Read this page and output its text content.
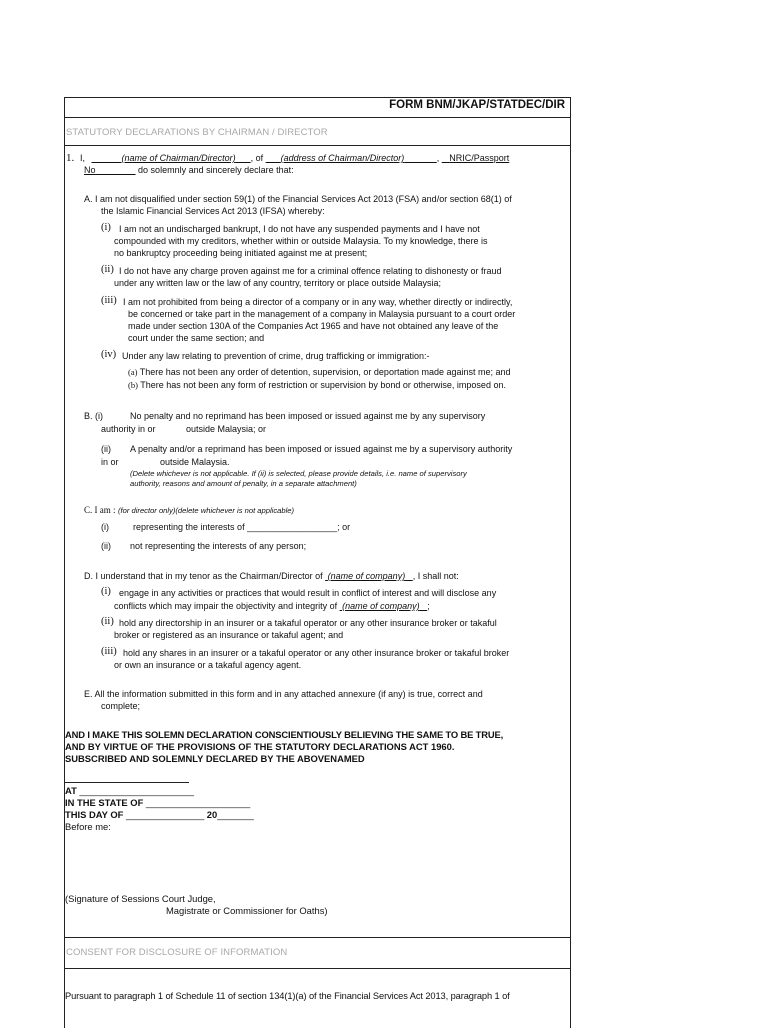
FORM BNM/JKAP/STATDEC/DIR
STATUTORY DECLARATIONS BY CHAIRMAN / DIRECTOR
1. I,	(name of Chairman/Director) , of (address of Chairman/Director)	,    NRIC/Passport
No	do solemnly and sincerely declare that:
A. I am not disqualified under section 59(1) of the Financial Services Act 2013 (FSA) and/or section 68(1) of
the Islamic Financial Services Act 2013 (IFSA) whereby:
(i) I am not an undischarged bankrupt, I do not have any suspended payments and I have not
compounded with my creditors, whether within or outside Malaysia. To my knowledge, there is
no bankruptcy proceeding being initiated against me at present;
(ii) I do not have any charge proven against me for a criminal offence relating to dishonesty or fraud
under any written law or the law of any country, territory or place outside Malaysia;
(iii) I am not prohibited from being a director of a company or in any way, whether directly or indirectly,
be concerned or take part in the management of a company in Malaysia pursuant to a court order
made under section 130A of the Companies Act 1965 and have not obtained any leave of the
court under the same section; and
(iv) Under any law relating to prevention of crime, drug trafficking or immigration:-
(a) There has not been any order of detention, supervision, or deportation made against me; and
(b) There has not been any form of restriction or supervision by bond or otherwise, imposed on.
B. (i)	No penalty and no reprimand has been imposed or issued against me by any supervisory
authority in or	outside Malaysia; or
(ii) A penalty and/or a reprimand has been imposed or issued against me by a supervisory authority
in or	outside Malaysia.
(Delete whichever is not applicable. If (ii) is selected, please provide details, i.e. name of supervisory
authority, reasons and amount of penalty, in a separate attachment)
C. I am : (for director only)(delete whichever is not applicable)
(i)	representing the interests of __________________; or
(ii) not representing the interests of any person;
D. I understand that in my tenor as the Chairman/Director of (name of company) , I shall not:
(i) engage in any activities or practices that would result in conflict of interest and will disclose any
conflicts which may impair the objectivity and integrity of (name of company) ;
(ii) hold any directorship in an insurer or a takaful operator or any other insurance broker or takaful
broker or registered as an insurance or takaful agent; and
(iii) hold any shares in an insurer or a takaful operator or any other insurance broker or takaful broker
or own an insurance or a takaful agency agent.
E. All the information submitted in this form and in any attached annexure (if any) is true, correct and
complete;
AND I MAKE THIS SOLEMN DECLARATION CONSCIENTIOUSLY BELIEVING THE SAME TO BE TRUE,
AND BY VIRTUE OF THE PROVISIONS OF THE STATUTORY DECLARATIONS ACT 1960.
SUBSCRIBED AND SOLEMNLY DECLARED BY THE ABOVENAMED
AT ______________________
IN THE STATE OF ____________________
THIS DAY OF _______________ 20_______
Before me:
(Signature of Sessions Court Judge,
Magistrate or Commissioner for Oaths)
CONSENT FOR DISCLOSURE OF INFORMATION
Pursuant to paragraph 1 of Schedule 11 of section 134(1)(a) of the Financial Services Act 2013, paragraph 1 of
